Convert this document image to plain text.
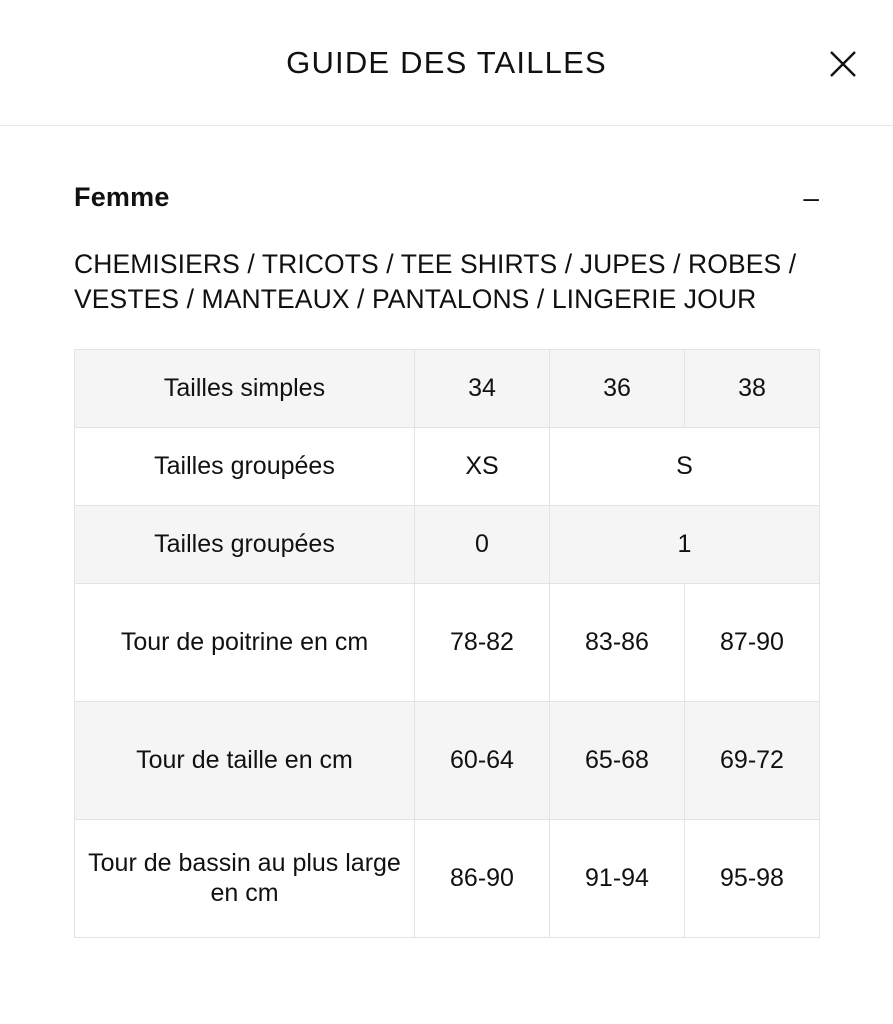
GUIDE DES TAILLES
Femme	–
CHEMISIERS / TRICOTS / TEE SHIRTS / JUPES / ROBES / VESTES / MANTEAUX / PANTALONS / LINGERIE JOUR
Tailles simples	34	36	38
Tailles groupées	XS	S	
Tailles groupées	0	1	
Tour de poitrine en cm	78-82	83-86	87-90
Tour de taille en cm	60-64	65-68	69-72
Tour de bassin au plus large en cm	86-90	91-94	95-98
